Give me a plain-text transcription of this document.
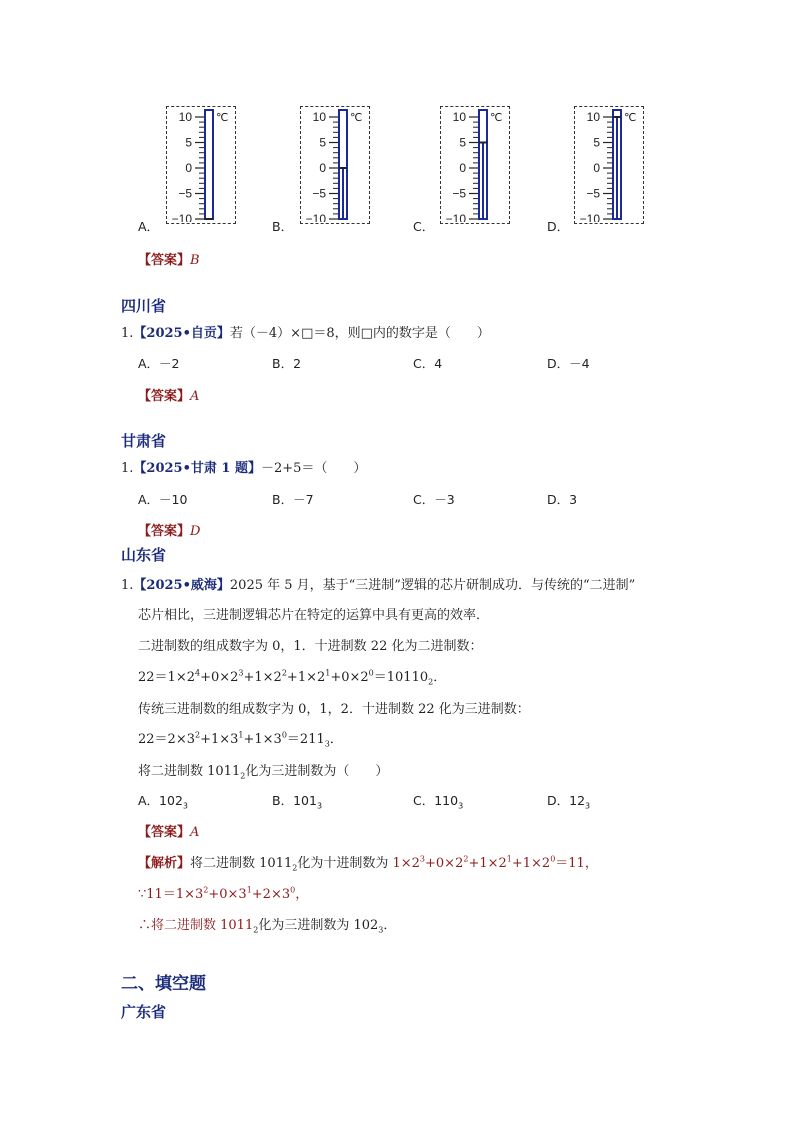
A．
10
5
0
−5
−10
℃
B．
10
5
0
−5
−10
℃
C．
10
5
0
−5
−10
℃
D．
10
5
0
−5
−10
℃
【答案】B
四川省
1.【2025•自贡】若（－4）×□＝8，则□内的数字是（　　）
A．－2	B．2	C．4	D．－4
【答案】A
甘肃省
1.【2025•甘肃 1 题】－2+5＝（　　）
A．－10	B．－7	C．－3	D．3
【答案】D
山东省
1.【2025•威海】2025 年 5 月，基于“三进制”逻辑的芯片研制成功．与传统的“二进制”
芯片相比，三进制逻辑芯片在特定的运算中具有更高的效率．
二进制数的组成数字为 0，1．十进制数 22 化为二进制数：
$22=1\times 2^4+0\times 2^3+1\times 2^2+1\times 2^1+0\times 2^0=10110_2$．
传统三进制数的组成数字为 0，1，2．十进制数 22 化为三进制数：
$22=2\times 3^2+1\times 3^1+1\times 3^0=211_3$．
将二进制数 $1011_2$化为三进制数为（　　）
A．$102_3$	B．$101_3$	C．$110_3$	D．$12_3$
【答案】A
【解析】将二进制数 $1011_2$化为十进制数为 $1\times 2^3+0\times 2^2+1\times 2^1+1\times 2^0=11$，
$\because 11=1\times 3^2+0\times 3^1+2\times 3^0$，
∴将二进制数 $1011_2$化为三进制数为 $102_3$．
二、填空题
广东省
